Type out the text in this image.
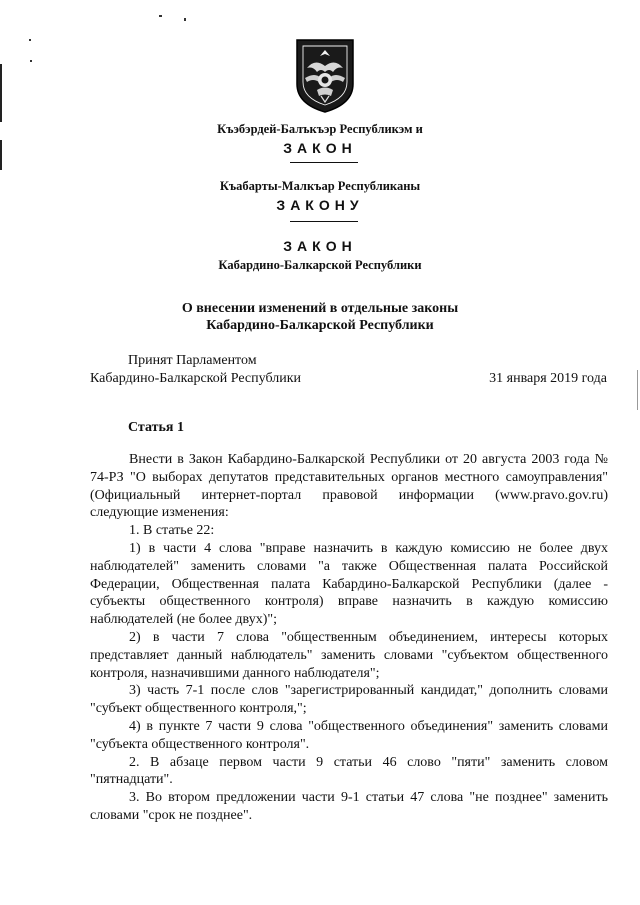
Къэбэрдей-Балъкъэр Республикэм и
ЗАКОН
Къабарты-Малкъар Республиканы
ЗАКОНУ
ЗАКОН
Кабардино-Балкарской Республики
О внесении изменений в отдельные законы
Кабардино-Балкарской Республики
Принят Парламентом
Кабардино-Балкарской Республики	31 января 2019 года
Статья 1

Внести в Закон Кабардино-Балкарской Республики от 20 августа 2003 года № 74-РЗ "О выборах депутатов представительных органов местного самоуправления" (Официальный интернет-портал правовой информации (www.pravo.gov.ru) следующие изменения:

1. В статье 22:

1) в части 4 слова "вправе назначить в каждую комиссию не более двух наблюдателей" заменить словами "а также Общественная палата Российской Федерации, Общественная палата Кабардино-Балкарской Республики (далее - субъекты общественного контроля) вправе назначить в каждую комиссию наблюдателей (не более двух)";

2) в части 7 слова "общественным объединением, интересы которых представляет данный наблюдатель" заменить словами "субъектом общественного контроля, назначившими данного наблюдателя";

3) часть 7-1 после слов "зарегистрированный кандидат," дополнить словами "субъект общественного контроля,";

4) в пункте 7 части 9 слова "общественного объединения" заменить словами "субъекта общественного контроля".

2. В абзаце первом части 9 статьи 46 слово "пяти" заменить словом "пятнадцати".

3. Во втором предложении части 9-1 статьи 47 слова "не позднее" заменить словами "срок не позднее".
